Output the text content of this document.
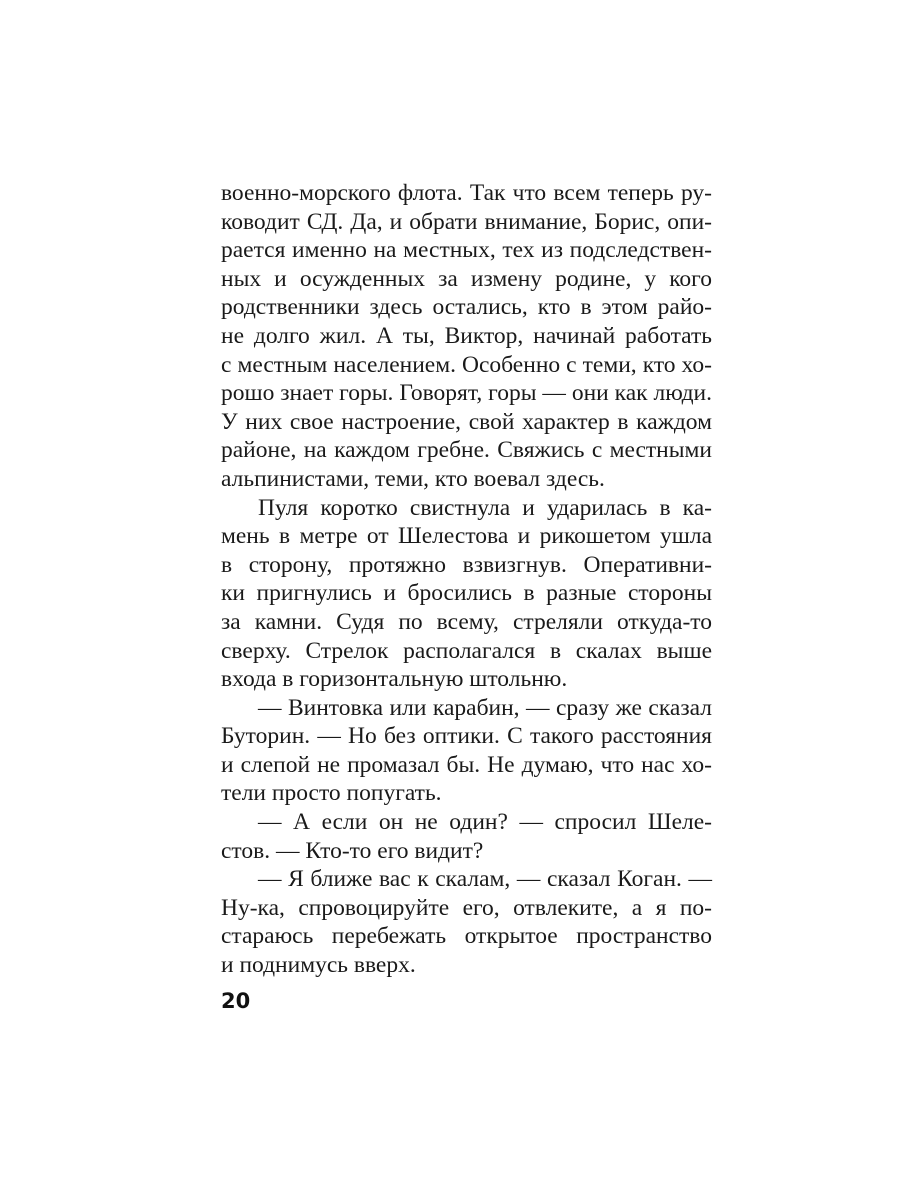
военно-морского флота. Так что всем теперь ру-
ководит СД. Да, и обрати внимание, Борис, опи-
рается именно на местных, тех из подследствен-
ных и осужденных за измену родине, у кого
родственники здесь остались, кто в этом райо-
не долго жил. А ты, Виктор, начинай работать
с местным населением. Особенно с теми, кто хо-
рошо знает горы. Говорят, горы — они как люди.
У них свое настроение, свой характер в каждом
районе, на каждом гребне. Свяжись с местными
альпинистами, теми, кто воевал здесь.
Пуля коротко свистнула и ударилась в ка-
мень в метре от Шелестова и рикошетом ушла
в сторону, протяжно взвизгнув. Оперативни-
ки пригнулись и бросились в разные стороны
за камни. Судя по всему, стреляли откуда-то
сверху. Стрелок располагался в скалах выше
входа в горизонтальную штольню.
— Винтовка или карабин, — сразу же сказал
Буторин. — Но без оптики. С такого расстояния
и слепой не промазал бы. Не думаю, что нас хо-
тели просто попугать.
— А если он не один? — спросил Шеле-
стов. — Кто-то его видит?
— Я ближе вас к скалам, — сказал Коган. —
Ну-ка, спровоцируйте его, отвлеките, а я по-
стараюсь перебежать открытое пространство
и поднимусь вверх.
20
